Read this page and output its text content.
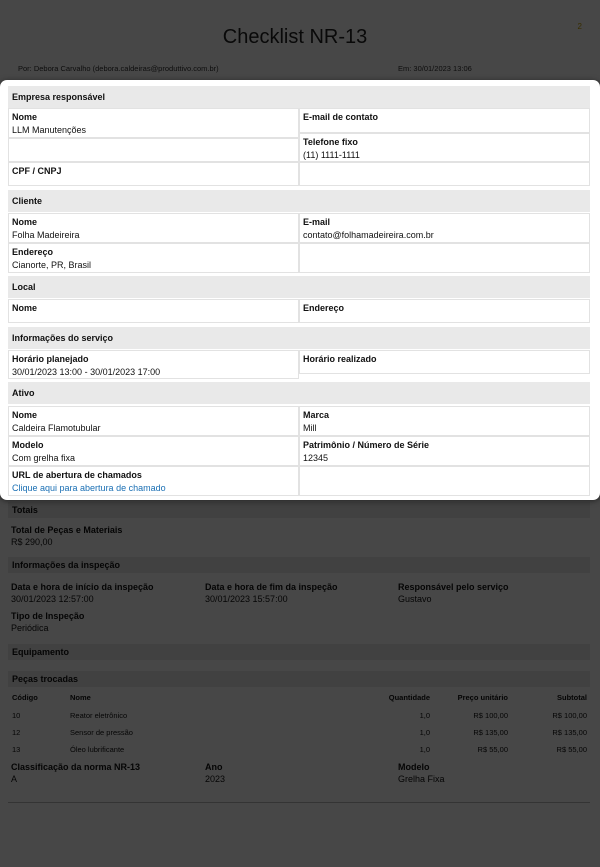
Empresa responsável
Nome
LLM Manutenções
E-mail de contato
Telefone fixo
(11) 1111-1111
CPF / CNPJ
Cliente
Nome
Folha Madeireira
E-mail
contato@folhamadeireira.com.br
Endereço
Cianorte, PR, Brasil
Local
Nome	Endereço
Informações do serviço
Horário planejado
30/01/2023 13:00 - 30/01/2023 17:00
Horário realizado
Ativo
Nome
Caldeira Flamotubular
Marca
Mill
Modelo
Com grelha fixa
Patrimônio / Número de Série
12345
URL de abertura de chamados
Clique aqui para abertura de chamado
